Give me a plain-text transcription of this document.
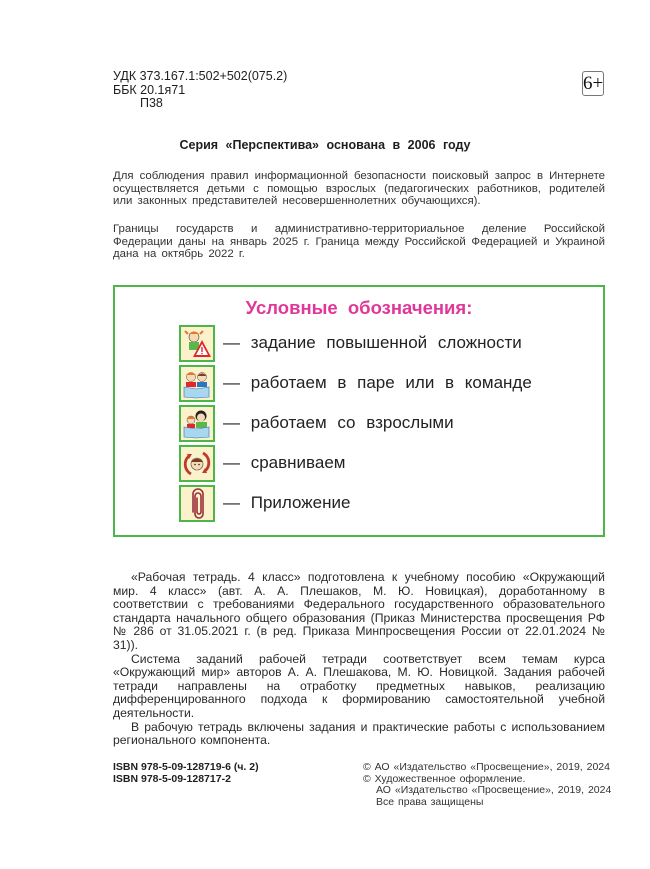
УДК 373.167.1:502+502(075.2)
ББК 20.1я71
П38
6+
Серия «Перспектива» основана в 2006 году
Для соблюдения правил информационной безопасности поисковый запрос в Интернете осуществляется детьми с помощью взрослых (педагогических работников, родителей или законных представителей несовершеннолетних обучающихся).
Границы государств и административно-территориальное деление Российской Федерации даны на январь 2025 г. Граница между Российской Федерацией и Украиной дана на октябрь 2022 г.
Условные обозначения:
— задание повышенной сложности
— работаем в паре или в команде
— работаем со взрослыми
— сравниваем
— Приложение

«Рабочая тетрадь. 4 класс» подготовлена к учебному пособию «Окружающий мир. 4 класс» (авт. А. А. Плешаков, М. Ю. Новицкая), доработанному в соответствии с требованиями Федерального государственного образовательного стандарта начального общего образования (Приказ Министерства просвещения РФ № 286 от 31.05.2021 г. (в ред. Приказа Минпросвещения России от 22.01.2024 № 31)).

Система заданий рабочей тетради соответствует всем темам курса «Окружающий мир» авторов А. А. Плешакова, М. Ю. Новицкой. Задания рабочей тетради направлены на отработку предметных навыков, реализацию дифференцированного подхода к формированию самостоятельной учебной деятельности.

В рабочую тетрадь включены задания и практические работы с использованием регионального компонента.

ISBN 978-5-09-128719-6 (ч. 2)
ISBN 978-5-09-128717-2
© АО «Издательство «Просвещение», 2019, 2024
© Художественное оформление.
АО «Издательство «Просвещение», 2019, 2024
Все права защищены
